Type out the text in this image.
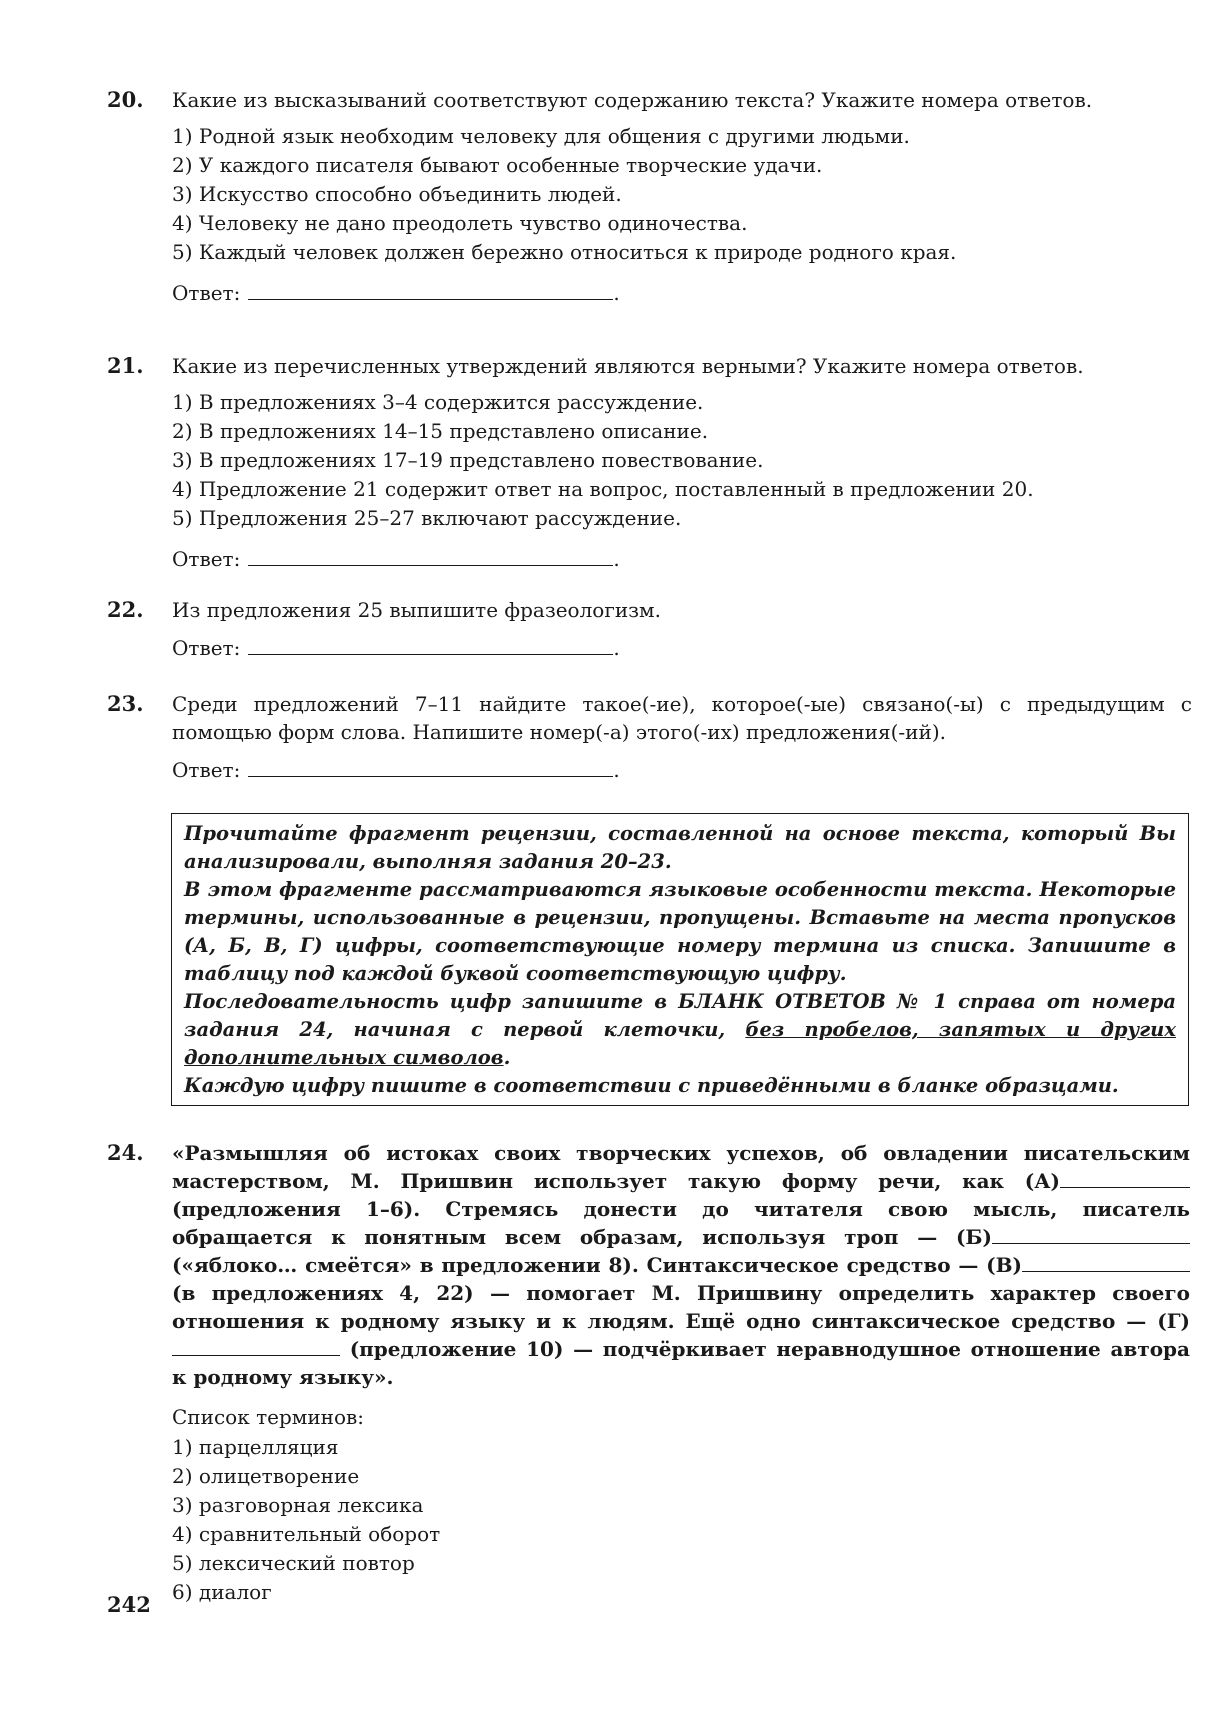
20. Какие из высказываний соответствуют содержанию текста? Укажите номера ответов.

1) Родной язык необходим человеку для общения с другими людьми.
2) У каждого писателя бывают особенные творческие удачи.
3) Искусство способно объединить людей.
4) Человеку не дано преодолеть чувство одиночества.
5) Каждый человек должен бережно относиться к природе родного края.
Ответ:	.
21. Какие из перечисленных утверждений являются верными? Укажите номера ответов.

1) В предложениях 3–4 содержится рассуждение.
2) В предложениях 14–15 представлено описание.
3) В предложениях 17–19 представлено повествование.
4) Предложение 21 содержит ответ на вопрос, поставленный в предложении 20.
5) Предложения 25–27 включают рассуждение.
Ответ:	.
22. Из предложения 25 выпишите фразеологизм.

Ответ:	.
23. Среди предложений 7–11 найдите такое(-ие), которое(-ые) связано(-ы) с предыдущим с помощью форм слова. Напишите номер(-а) этого(-их) предложения(-ий).

Ответ:	.

Прочитайте фрагмент рецензии, составленной на основе текста, который Вы анализировали, выполняя задания 20–23.

В этом фрагменте рассматриваются языковые особенности текста. Некоторые термины, использованные в рецензии, пропущены. Вставьте на места пропусков (А, Б, В, Г) цифры, соответствующие номеру термина из списка. Запишите в таблицу под каждой буквой соответствующую цифру.

Последовательность цифр запишите в БЛАНК ОТВЕТОВ № 1 справа от номера задания 24, начиная с первой клеточки, без пробелов, запятых и других дополнительных символов.

Каждую цифру пишите в соответствии с приведёнными в бланке образцами.

24. «Размышляя об истоках своих творческих успехов, об овладении писательским мастерством, М. Пришвин использует такую форму речи, как (А) (предложения 1–6). Стремясь донести до читателя свою мысль, писатель обращается к понятным всем образам, используя троп — (Б) («яблоко… смеётся» в предложении 8). Синтаксическое средство — (В) (в предложениях 4, 22) — помогает М. Пришвину определить характер своего отношения к родному языку и к людям. Ещё одно синтаксическое средство — (Г) (предложение 10) — подчёркивает неравнодушное отношение автора к родному языку».

Список терминов:
1) парцелляция
2) олицетворение
3) разговорная лексика
4) сравнительный оборот
5) лексический повтор
6) диалог
242
